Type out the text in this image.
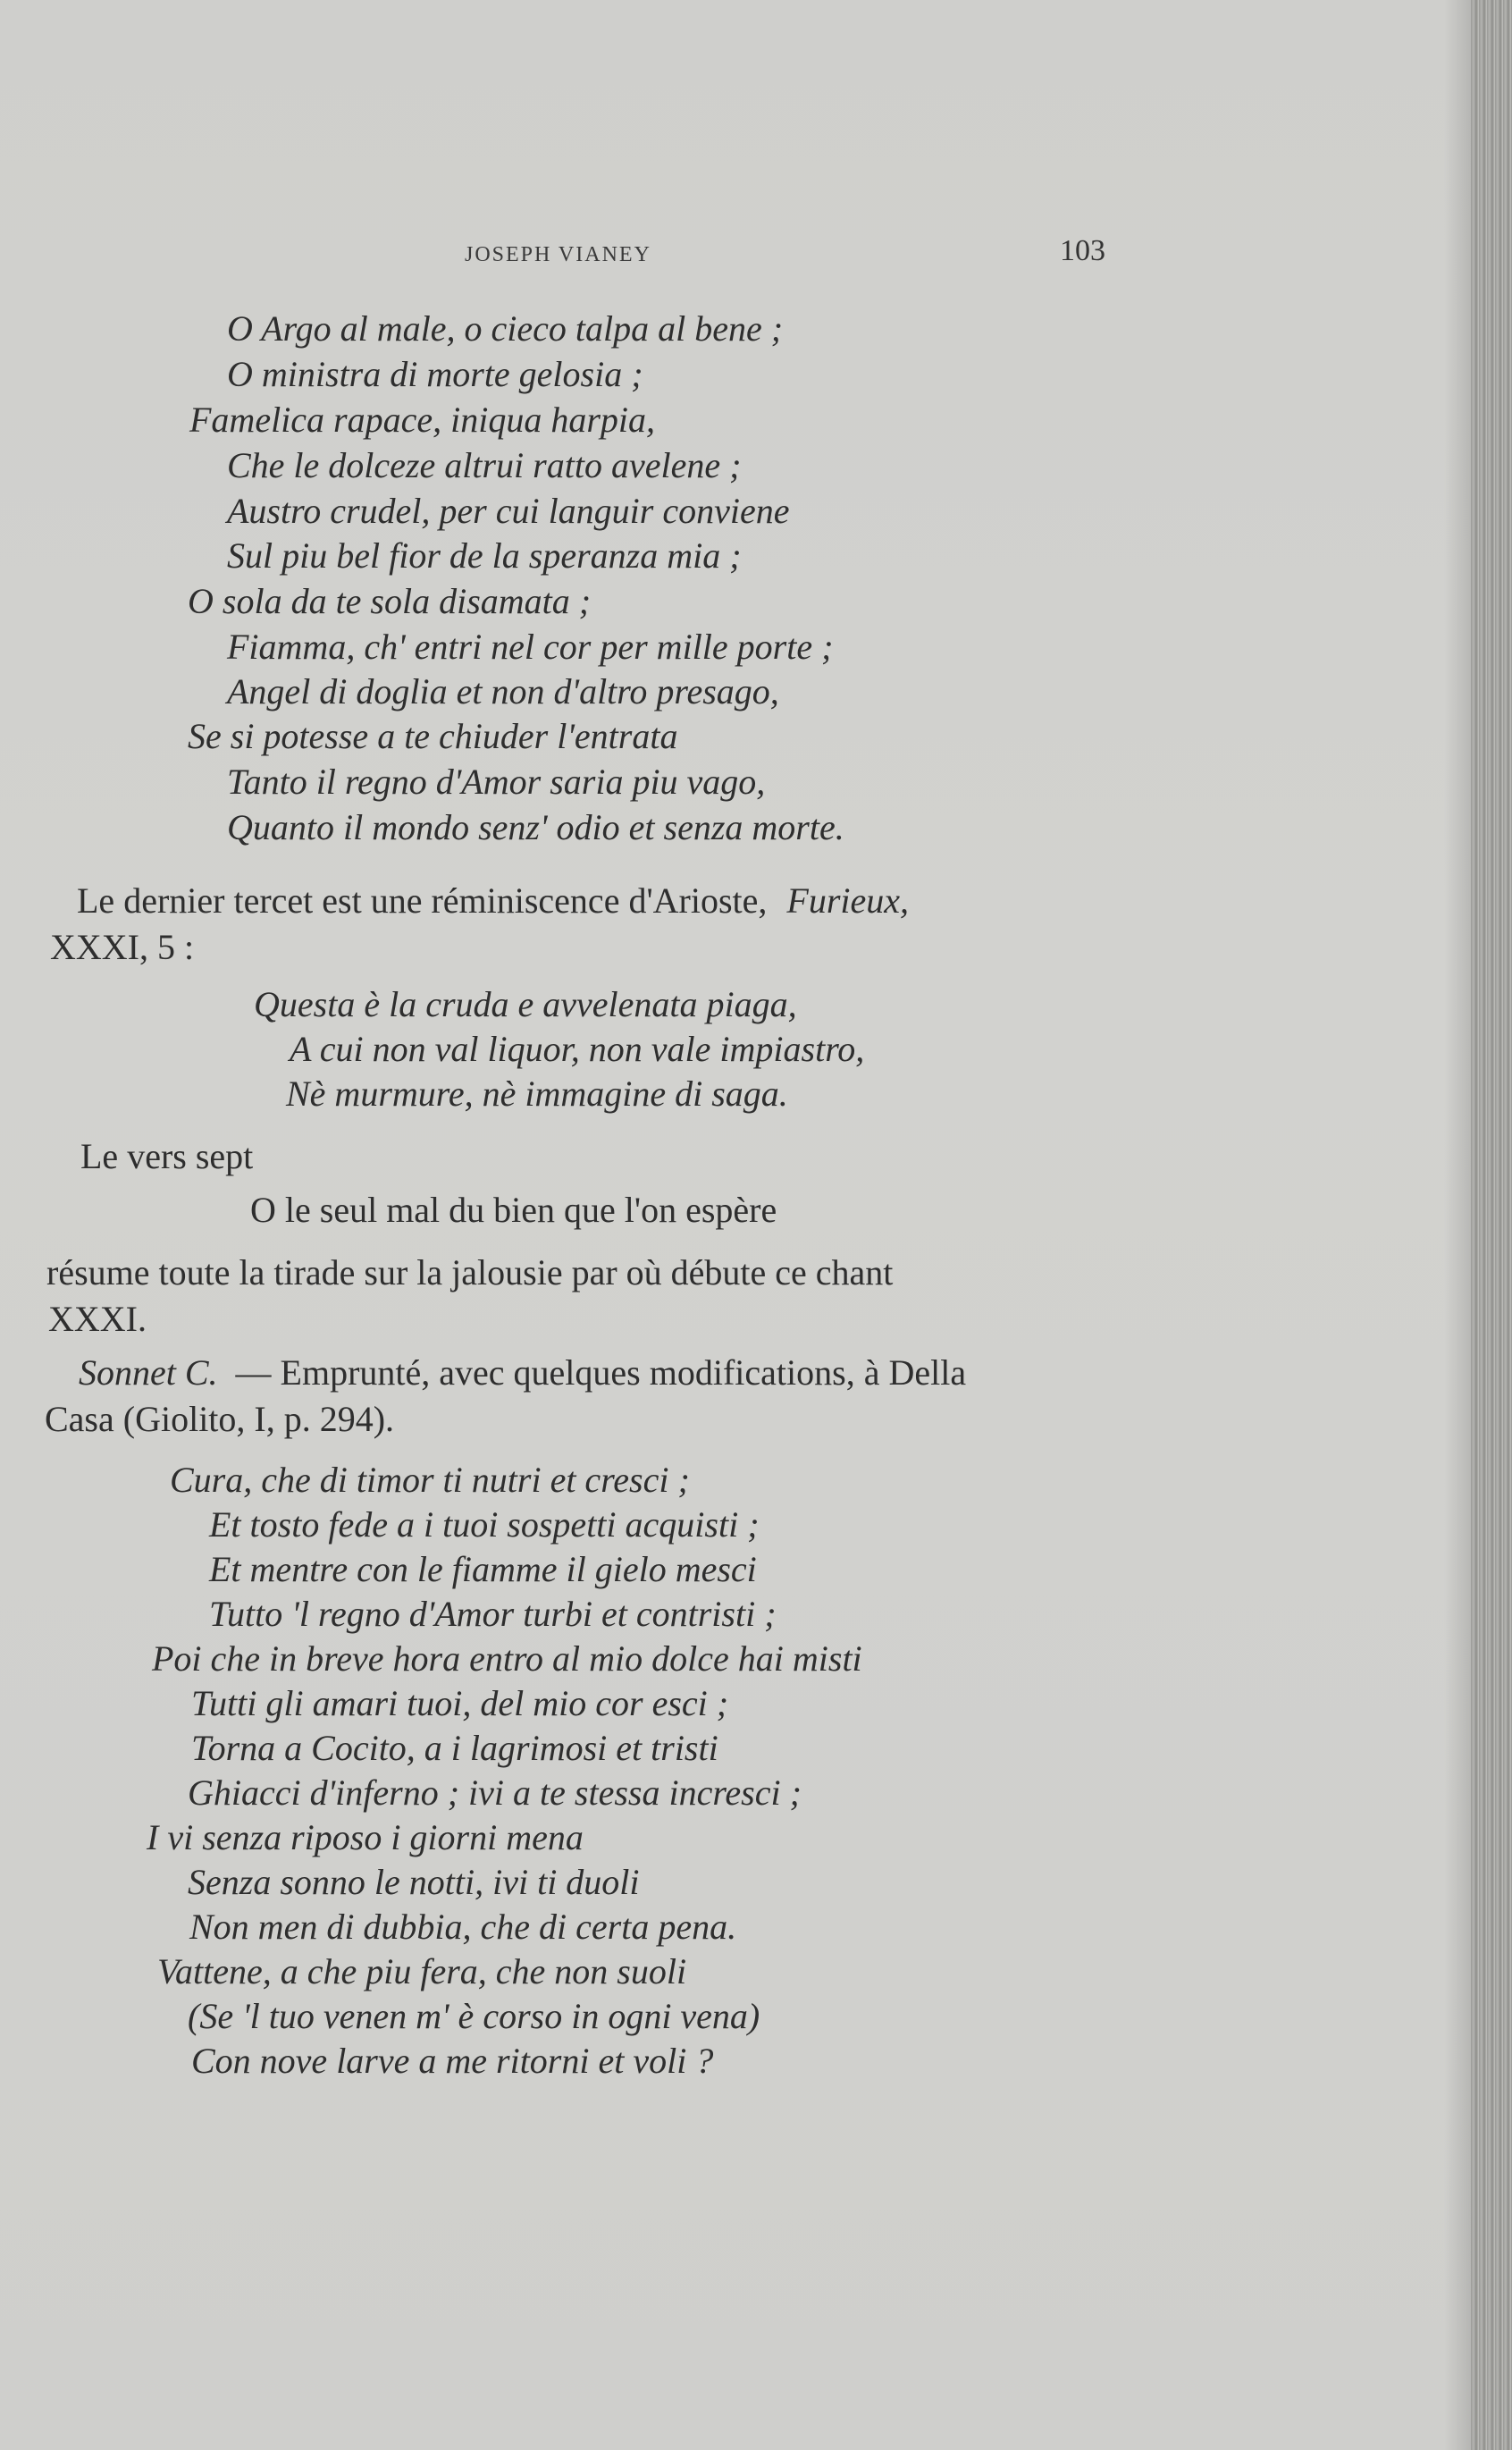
JOSEPH VIANEY	103
O Argo al male, o cieco talpa al bene ;
O ministra di morte gelosia ;
Famelica rapace, iniqua harpia,
Che le dolceze altrui ratto avelene ;
Austro crudel, per cui languir conviene
Sul piu bel fior de la speranza mia ;
O sola da te sola disamata ;
Fiamma, ch' entri nel cor per mille porte ;
Angel di doglia et non d'altro presago,
Se si potesse a te chiuder l'entrata
Tanto il regno d'Amor saria piu vago,
Quanto il mondo senz' odio et senza morte.
Le dernier tercet est une réminiscence d'Arioste, Furieux,
XXXI, 5 :
Questa è la cruda e avvelenata piaga,
A cui non val liquor, non vale impiastro,
Nè murmure, nè immagine di saga.
Le vers sept
O le seul mal du bien que l'on espère
résume toute la tirade sur la jalousie par où débute ce chant
XXXI.
Sonnet C. — Emprunté, avec quelques modifications, à Della
Casa (Giolito, I, p. 294).
Cura, che di timor ti nutri et cresci ;
Et tosto fede a i tuoi sospetti acquisti ;
Et mentre con le fiamme il gielo mesci
Tutto 'l regno d'Amor turbi et contristi ;
Poi che in breve hora entro al mio dolce hai misti
Tutti gli amari tuoi, del mio cor esci ;
Torna a Cocito, a i lagrimosi et tristi
Ghiacci d'inferno ; ivi a te stessa incresci ;
I vi senza riposo i giorni mena
Senza sonno le notti, ivi ti duoli
Non men di dubbia, che di certa pena.
Vattene, a che piu fera, che non suoli
(Se 'l tuo venen m' è corso in ogni vena)
Con nove larve a me ritorni et voli ?
